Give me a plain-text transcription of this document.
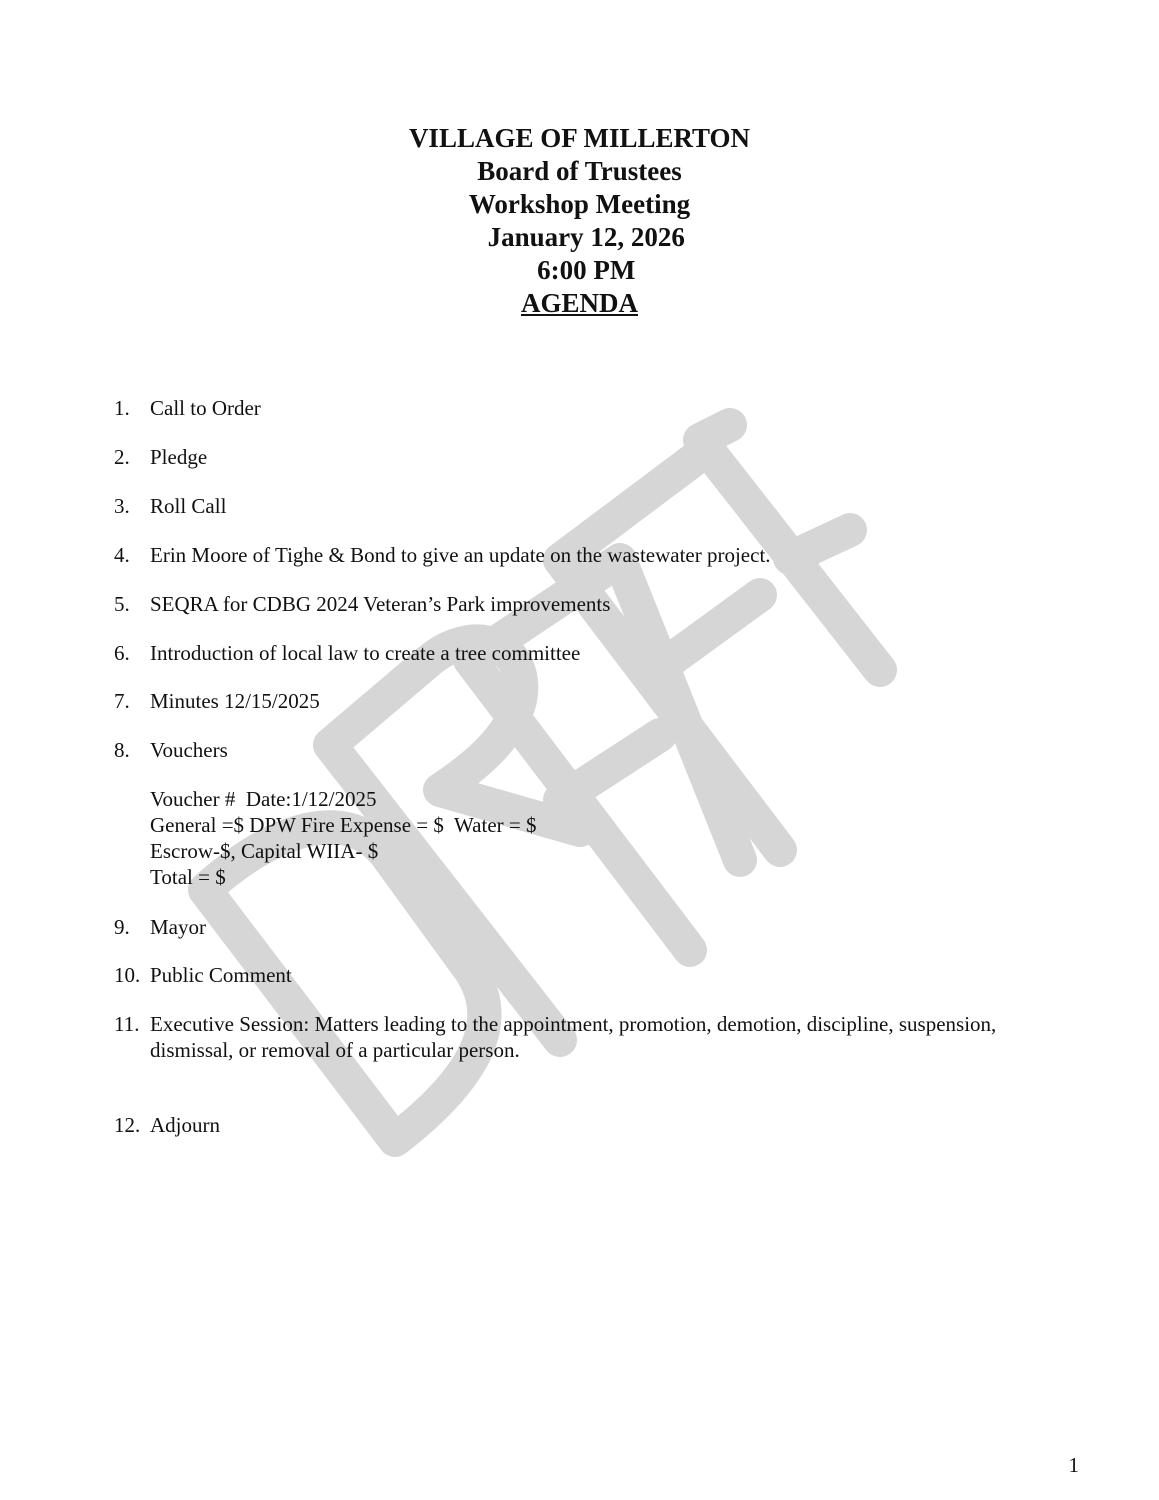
VILLAGE OF MILLERTON
Board of Trustees
Workshop Meeting
January 12, 2026
6:00 PM
AGENDA
1. Call to Order
2. Pledge
3. Roll Call
4. Erin Moore of Tighe & Bond to give an update on the wastewater project.
5. SEQRA for CDBG 2024 Veteran’s Park improvements
6. Introduction of local law to create a tree committee
7. Minutes 12/15/2025
8. Vouchers
Voucher #  Date:1/12/2025
General =$ DPW Fire Expense = $  Water = $
Escrow-$, Capital WIIA- $
Total = $
9. Mayor
10. Public Comment
11. Executive Session: Matters leading to the appointment, promotion, demotion, discipline, suspension, dismissal, or removal of a particular person.
12. Adjourn
1
